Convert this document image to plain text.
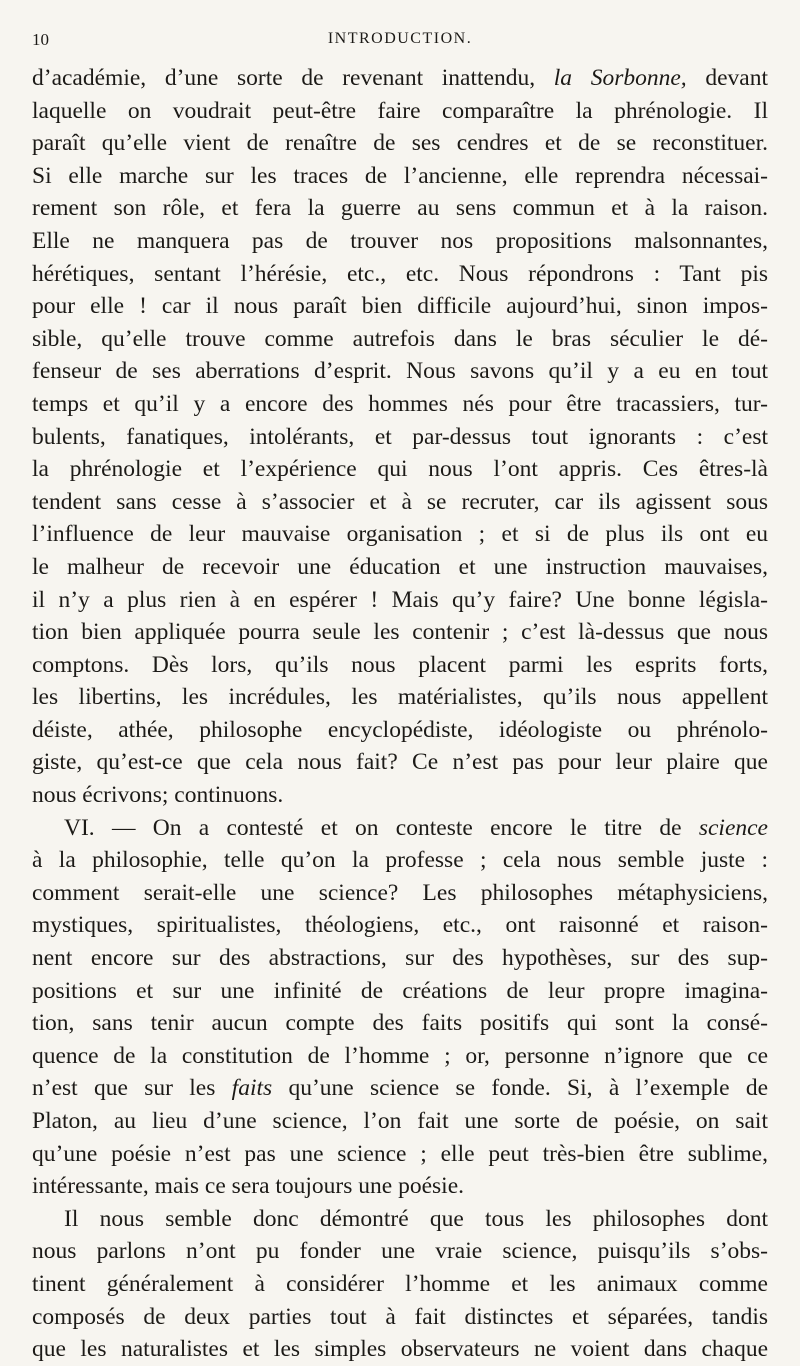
10	INTRODUCTION.
d’académie, d’une sorte de revenant inattendu, la Sorbonne, devant
laquelle on voudrait peut-être faire comparaître la phrénologie. Il
paraît qu’elle vient de renaître de ses cendres et de se reconstituer.
Si elle marche sur les traces de l’ancienne, elle reprendra nécessai-
rement son rôle, et fera la guerre au sens commun et à la raison.
Elle ne manquera pas de trouver nos propositions malsonnantes,
hérétiques, sentant l’hérésie, etc., etc. Nous répondrons : Tant pis
pour elle ! car il nous paraît bien difficile aujourd’hui, sinon impos-
sible, qu’elle trouve comme autrefois dans le bras séculier le dé-
fenseur de ses aberrations d’esprit. Nous savons qu’il y a eu en tout
temps et qu’il y a encore des hommes nés pour être tracassiers, tur-
bulents, fanatiques, intolérants, et par-dessus tout ignorants : c’est
la phrénologie et l’expérience qui nous l’ont appris. Ces êtres-là
tendent sans cesse à s’associer et à se recruter, car ils agissent sous
l’influence de leur mauvaise organisation ; et si de plus ils ont eu
le malheur de recevoir une éducation et une instruction mauvaises,
il n’y a plus rien à en espérer ! Mais qu’y faire? Une bonne législa-
tion bien appliquée pourra seule les contenir ; c’est là-dessus que nous
comptons. Dès lors, qu’ils nous placent parmi les esprits forts,
les libertins, les incrédules, les matérialistes, qu’ils nous appellent
déiste, athée, philosophe encyclopédiste, idéologiste ou phrénolo-
giste, qu’est-ce que cela nous fait? Ce n’est pas pour leur plaire que
nous écrivons; continuons.
VI. — On a contesté et on conteste encore le titre de science
à la philosophie, telle qu’on la professe ; cela nous semble juste :
comment serait-elle une science? Les philosophes métaphysiciens,
mystiques, spiritualistes, théologiens, etc., ont raisonné et raison-
nent encore sur des abstractions, sur des hypothèses, sur des sup-
positions et sur une infinité de créations de leur propre imagina-
tion, sans tenir aucun compte des faits positifs qui sont la consé-
quence de la constitution de l’homme ; or, personne n’ignore que ce
n’est que sur les faits qu’une science se fonde. Si, à l’exemple de
Platon, au lieu d’une science, l’on fait une sorte de poésie, on sait
qu’une poésie n’est pas une science ; elle peut très-bien être sublime,
intéressante, mais ce sera toujours une poésie.
Il nous semble donc démontré que tous les philosophes dont
nous parlons n’ont pu fonder une vraie science, puisqu’ils s’obs-
tinent généralement à considérer l’homme et les animaux comme
composés de deux parties tout à fait distinctes et séparées, tandis
que les naturalistes et les simples observateurs ne voient dans chaque
